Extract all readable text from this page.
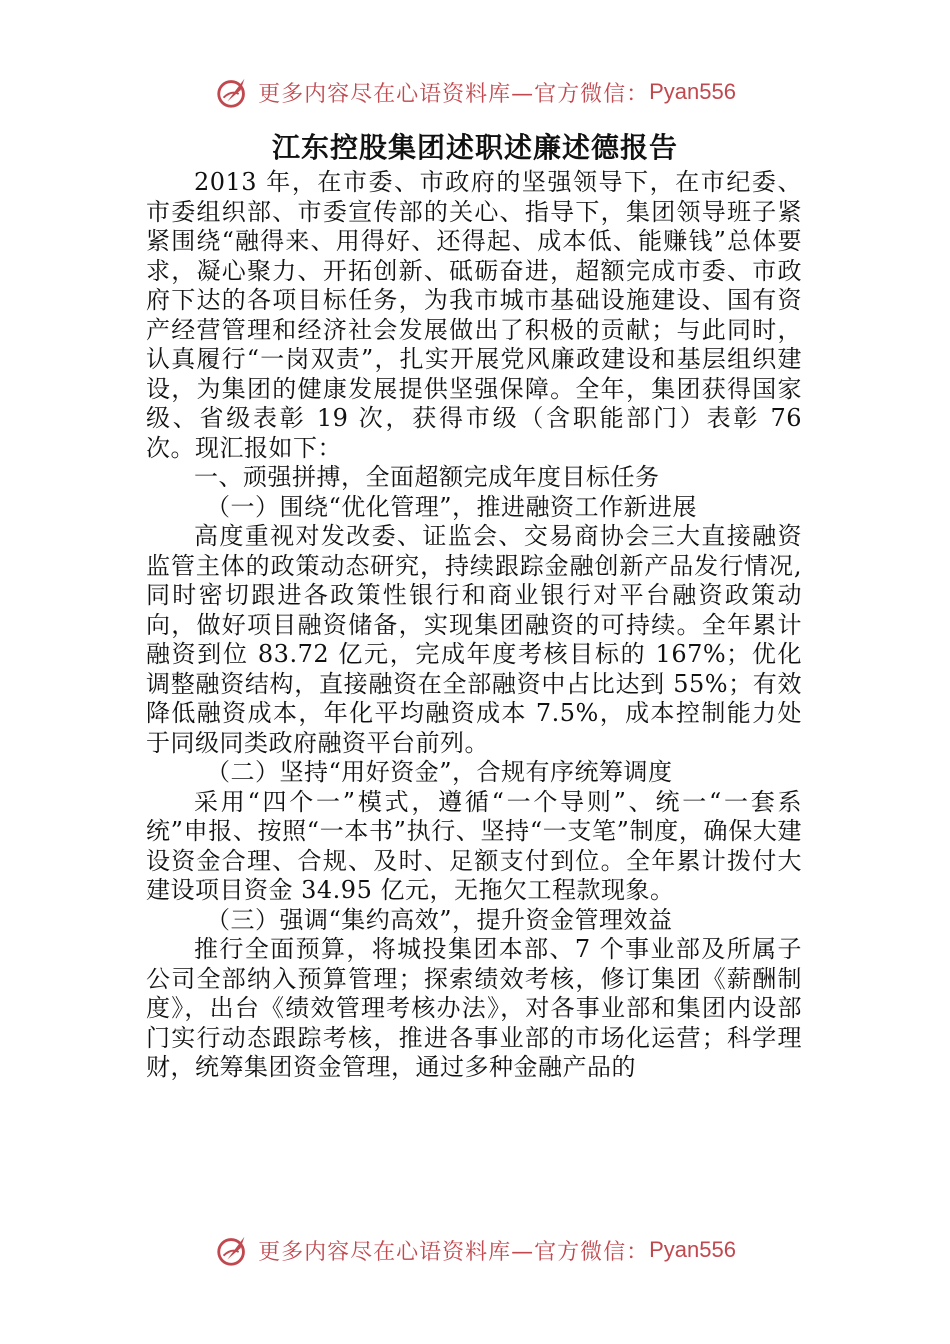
更多内容尽在心语资料库—官方微信： Pyan556
江东控股集团述职述廉述德报告

2013 年，在市委、市政府的坚强领导下，在市纪委、市委组织部、市委宣传部的关心、指导下，集团领导班子紧紧围绕“融得来、用得好、还得起、成本低、能赚钱”总体要求，凝心聚力、开拓创新、砥砺奋进，超额完成市委、市政府下达的各项目标任务，为我市城市基础设施建设、国有资产经营管理和经济社会发展做出了积极的贡献；与此同时，认真履行“一岗双责”，扎实开展党风廉政建设和基层组织建设，为集团的健康发展提供坚强保障。全年，集团获得国家级、省级表彰 19 次，获得市级（含职能部门）表彰 76 次。现汇报如下：

一、顽强拼搏，全面超额完成年度目标任务

（一）围绕“优化管理”，推进融资工作新进展

高度重视对发改委、证监会、交易商协会三大直接融资监管主体的政策动态研究，持续跟踪金融创新产品发行情况,同时密切跟进各政策性银行和商业银行对平台融资政策动向，做好项目融资储备，实现集团融资的可持续。全年累计融资到位 83.72 亿元，完成年度考核目标的 167%；优化调整融资结构，直接融资在全部融资中占比达到 55%；有效降低融资成本，年化平均融资成本 7.5%，成本控制能力处于同级同类政府融资平台前列。

（二）坚持“用好资金”，合规有序统筹调度

采用“四个一”模式，遵循“一个导则”、统一“一套系统”申报、按照“一本书”执行、坚持“一支笔”制度，确保大建设资金合理、合规、及时、足额支付到位。全年累计拨付大建设项目资金 34.95 亿元，无拖欠工程款现象。

（三）强调“集约高效”，提升资金管理效益

推行全面预算，将城投集团本部、7 个事业部及所属子公司全部纳入预算管理；探索绩效考核，修订集团《薪酬制度》，出台《绩效管理考核办法》，对各事业部和集团内设部门实行动态跟踪考核，推进各事业部的市场化运营；科学理财，统筹集团资金管理，通过多种金融产品的

更多内容尽在心语资料库—官方微信： Pyan556
